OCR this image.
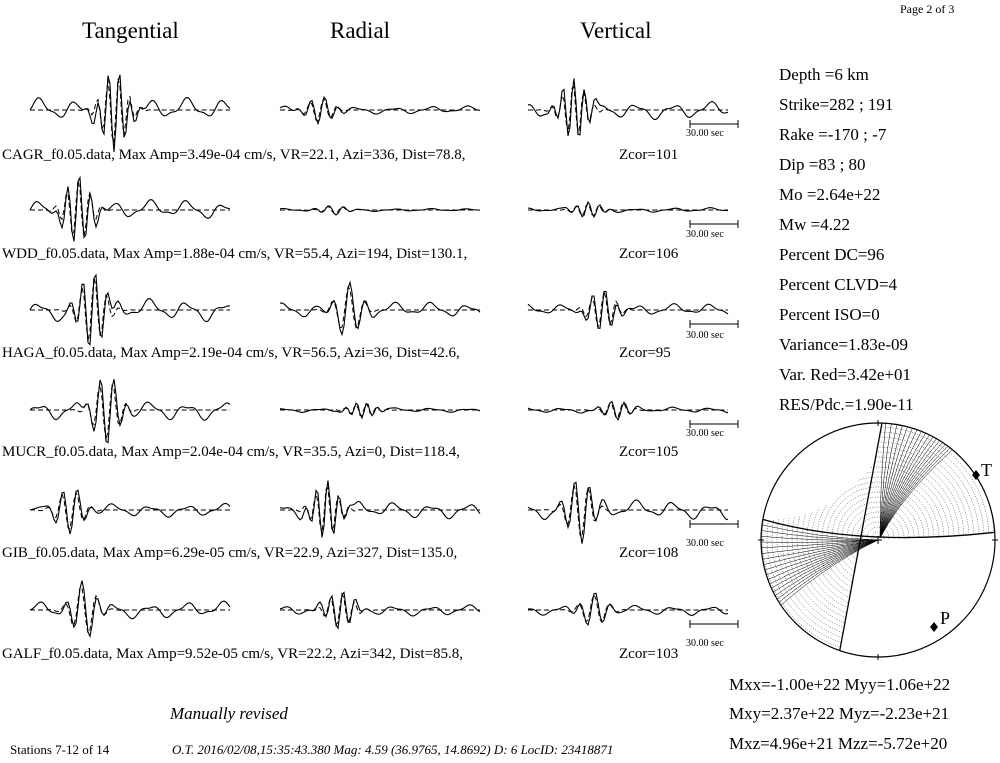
Page 2 of 3
Tangential	Radial	Vertical
CAGR_f0.05.data, Max Amp=3.49e-04 cm/s, VR=22.1, Azi=336, Dist=78.8,	Zcor=101
WDD_f0.05.data, Max Amp=1.88e-04 cm/s, VR=55.4, Azi=194, Dist=130.1,	Zcor=106
HAGA_f0.05.data, Max Amp=2.19e-04 cm/s, VR=56.5, Azi=36, Dist=42.6,	Zcor=95
MUCR_f0.05.data, Max Amp=2.04e-04 cm/s, VR=35.5, Azi=0, Dist=118.4,	Zcor=105
GIB_f0.05.data, Max Amp=6.29e-05 cm/s, VR=22.9, Azi=327, Dist=135.0,	Zcor=108
GALF_f0.05.data, Max Amp=9.52e-05 cm/s, VR=22.2, Azi=342, Dist=85.8,	Zcor=103
30.00 sec
30.00 sec
30.00 sec
30.00 sec
30.00 sec
30.00 sec
Depth =6 km
Strike=282 ; 191
Rake =-170 ; -7
Dip =83 ; 80
Mo =2.64e+22
Mw =4.22
Percent DC=96
Percent CLVD=4
Percent ISO=0
Variance=1.83e-09
Var. Red=3.42e+01
RES/Pdc.=1.90e-11
T
P
Mxx=-1.00e+22 Myy=1.06e+22
Mxy=2.37e+22 Myz=-2.23e+21
Mxz=4.96e+21 Mzz=-5.72e+20
Manually revised
Stations 7-12 of 14	O.T. 2016/02/08,15:35:43.380 Mag: 4.59 (36.9765, 14.8692) D: 6 LocID: 23418871
